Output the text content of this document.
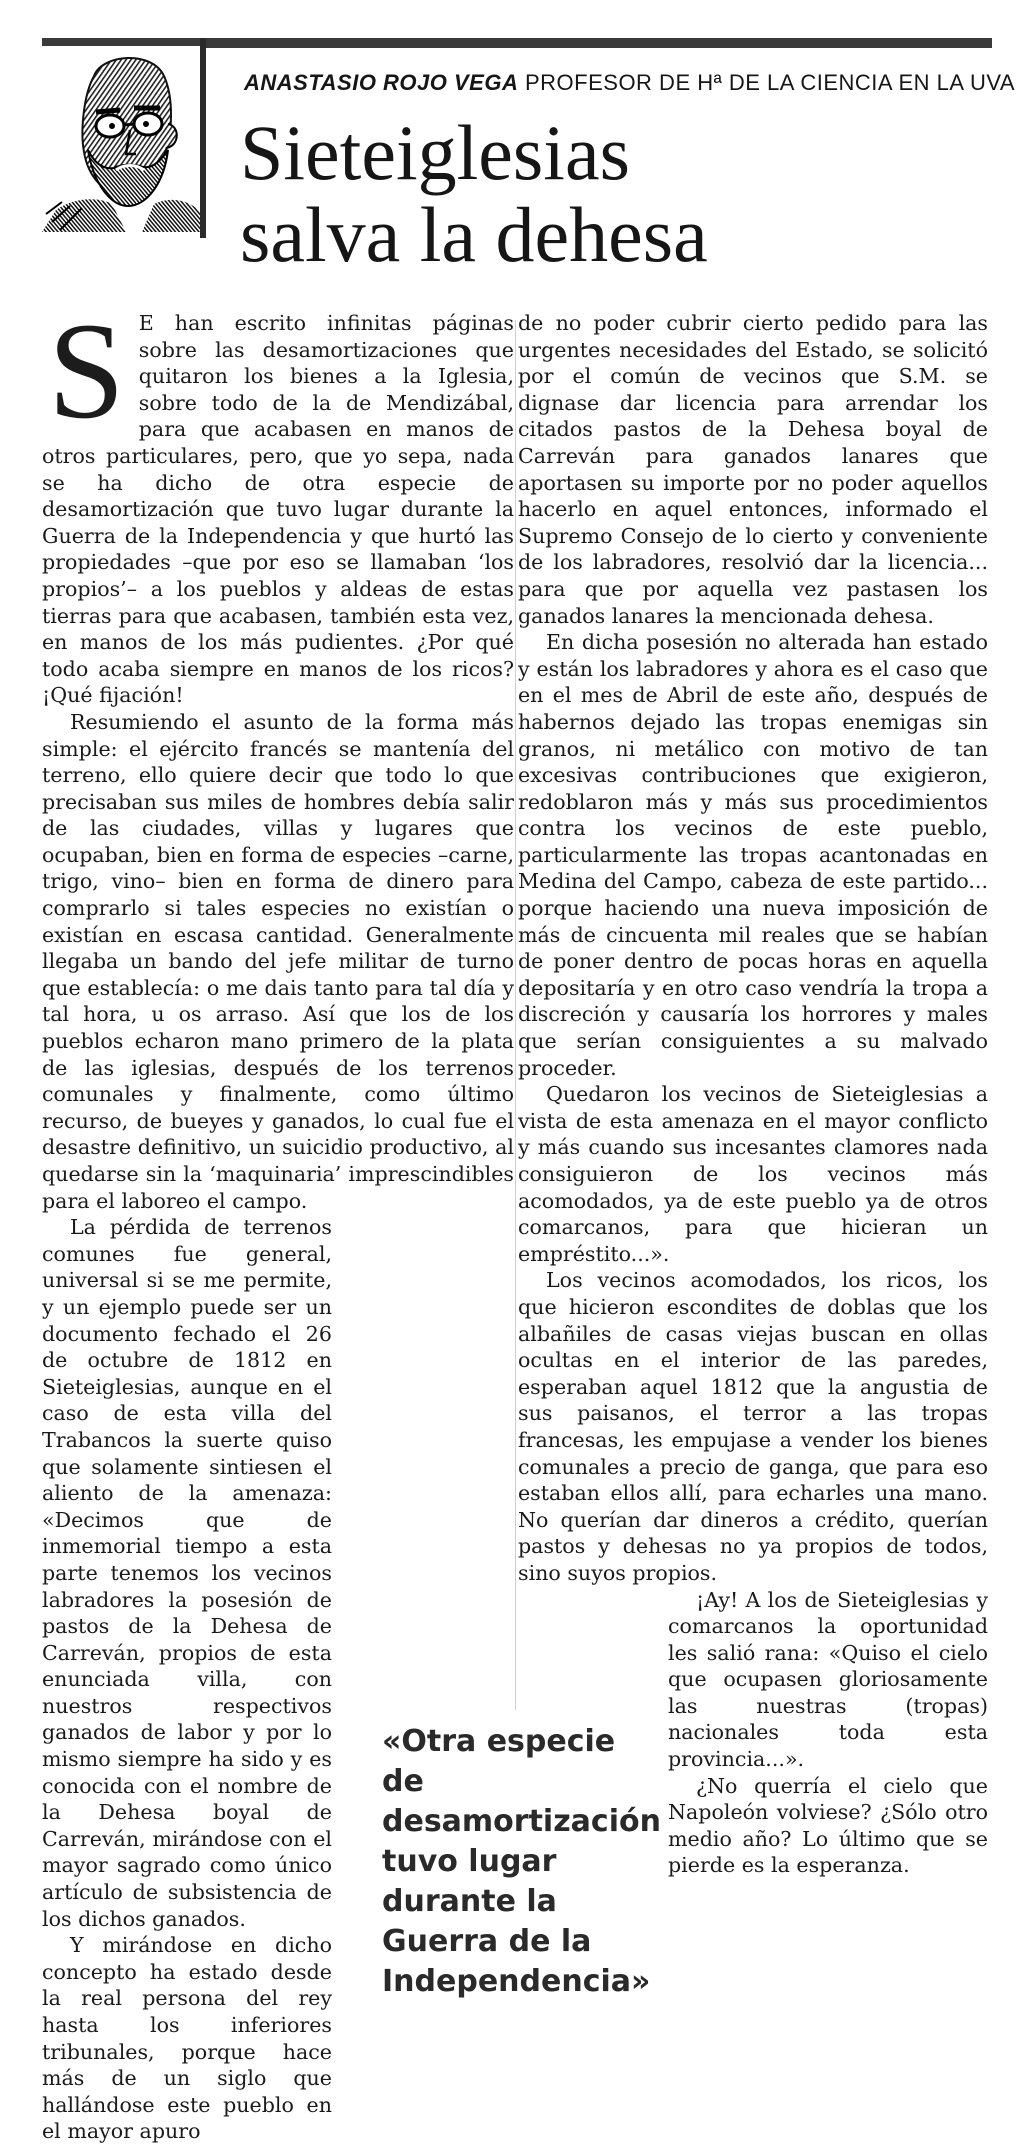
ANASTASIO ROJO VEGA PROFESOR DE Hª DE LA CIENCIA EN LA UVA
Sieteiglesias
salva la dehesa

S E han escrito infinitas páginas sobre las desamortizaciones que quitaron los bienes a la Iglesia, sobre todo de la de Mendizábal, para que acabasen en manos de otros particulares, pero, que yo sepa, nada se ha dicho de otra especie de desamortización que tuvo lugar durante la Guerra de la Independencia y que hurtó las propiedades –que por eso se llamaban ‘los propios’– a los pueblos y aldeas de estas tierras para que acabasen, también esta vez, en manos de los más pudientes. ¿Por qué todo acaba siempre en manos de los ricos? ¡Qué fijación!

Resumiendo el asunto de la forma más simple: el ejército francés se mantenía del terreno, ello quiere decir que todo lo que precisaban sus miles de hombres debía salir de las ciudades, villas y lugares que ocupaban, bien en forma de especies –carne, trigo, vino– bien en forma de dinero para comprarlo si tales especies no existían o existían en escasa cantidad. Generalmente llegaba un bando del jefe militar de turno que establecía: o me dais tanto para tal día y tal hora, u os arraso. Así que los de los pueblos echaron mano primero de la plata de las iglesias, después de los terrenos comunales y finalmente, como último recurso, de bueyes y ganados, lo cual fue el desastre definitivo, un suicidio productivo, al quedarse sin la ‘maquinaria’ imprescindibles para el laboreo el campo.

La pérdida de terrenos comunes fue general, universal si se me permite, y un ejemplo puede ser un documento fechado el 26 de octubre de 1812 en Sieteiglesias, aunque en el caso de esta villa del Trabancos la suerte quiso que solamente sintiesen el aliento de la amenaza: «Decimos que de inmemorial tiempo a esta parte tenemos los vecinos labradores la posesión de pastos de la Dehesa de Carreván, propios de esta enunciada villa, con nuestros respectivos ganados de labor y por lo mismo siempre ha sido y es conocida con el nombre de la Dehesa boyal de Carreván, mirándose con el mayor sagrado como único artículo de subsistencia de los dichos ganados.

Y mirándose en dicho concepto ha estado desde la real persona del rey hasta los inferiores tribunales, porque hace más de un siglo que hallándose este pueblo en el mayor apuro

de no poder cubrir cierto pedido para las urgentes necesidades del Estado, se solicitó por el común de vecinos que S.M. se dignase dar licencia para arrendar los citados pastos de la Dehesa boyal de Carreván para ganados lanares que aportasen su importe por no poder aquellos hacerlo en aquel entonces, informado el Supremo Consejo de lo cierto y conveniente de los labradores, resolvió dar la licencia... para que por aquella vez pastasen los ganados lanares la mencionada dehesa.

En dicha posesión no alterada han estado y están los labradores y ahora es el caso que en el mes de Abril de este año, después de habernos dejado las tropas enemigas sin granos, ni metálico con motivo de tan excesivas contribuciones que exigieron, redoblaron más y más sus procedimientos contra los vecinos de este pueblo, particularmente las tropas acantonadas en Medina del Campo, cabeza de este partido... porque haciendo una nueva imposición de más de cincuenta mil reales que se habían de poner dentro de pocas horas en aquella depositaría y en otro caso vendría la tropa a discreción y causaría los horrores y males que serían consiguientes a su malvado proceder.

Quedaron los vecinos de Sieteiglesias a vista de esta amenaza en el mayor conflicto y más cuando sus incesantes clamores nada consiguieron de los vecinos más acomodados, ya de este pueblo ya de otros comarcanos, para que hicieran un empréstito...».

Los vecinos acomodados, los ricos, los que hicieron escondites de doblas que los albañiles de casas viejas buscan en ollas ocultas en el interior de las paredes, esperaban aquel 1812 que la angustia de sus paisanos, el terror a las tropas francesas, les empujase a vender los bienes comunales a precio de ganga, que para eso estaban ellos allí, para echarles una mano. No querían dar dineros a crédito, querían pastos y dehesas no ya propios de todos, sino suyos propios.

¡Ay! A los de Sieteiglesias y comarcanos la oportunidad les salió rana: «Quiso el cielo que ocupasen gloriosamente las nuestras (tropas) nacionales toda esta provincia...».

¿No querría el cielo que Napoleón volviese? ¿Sólo otro medio año? Lo último que se pierde es la esperanza.

«Otra especie de desamortización tuvo lugar durante la Guerra de la Independencia»
